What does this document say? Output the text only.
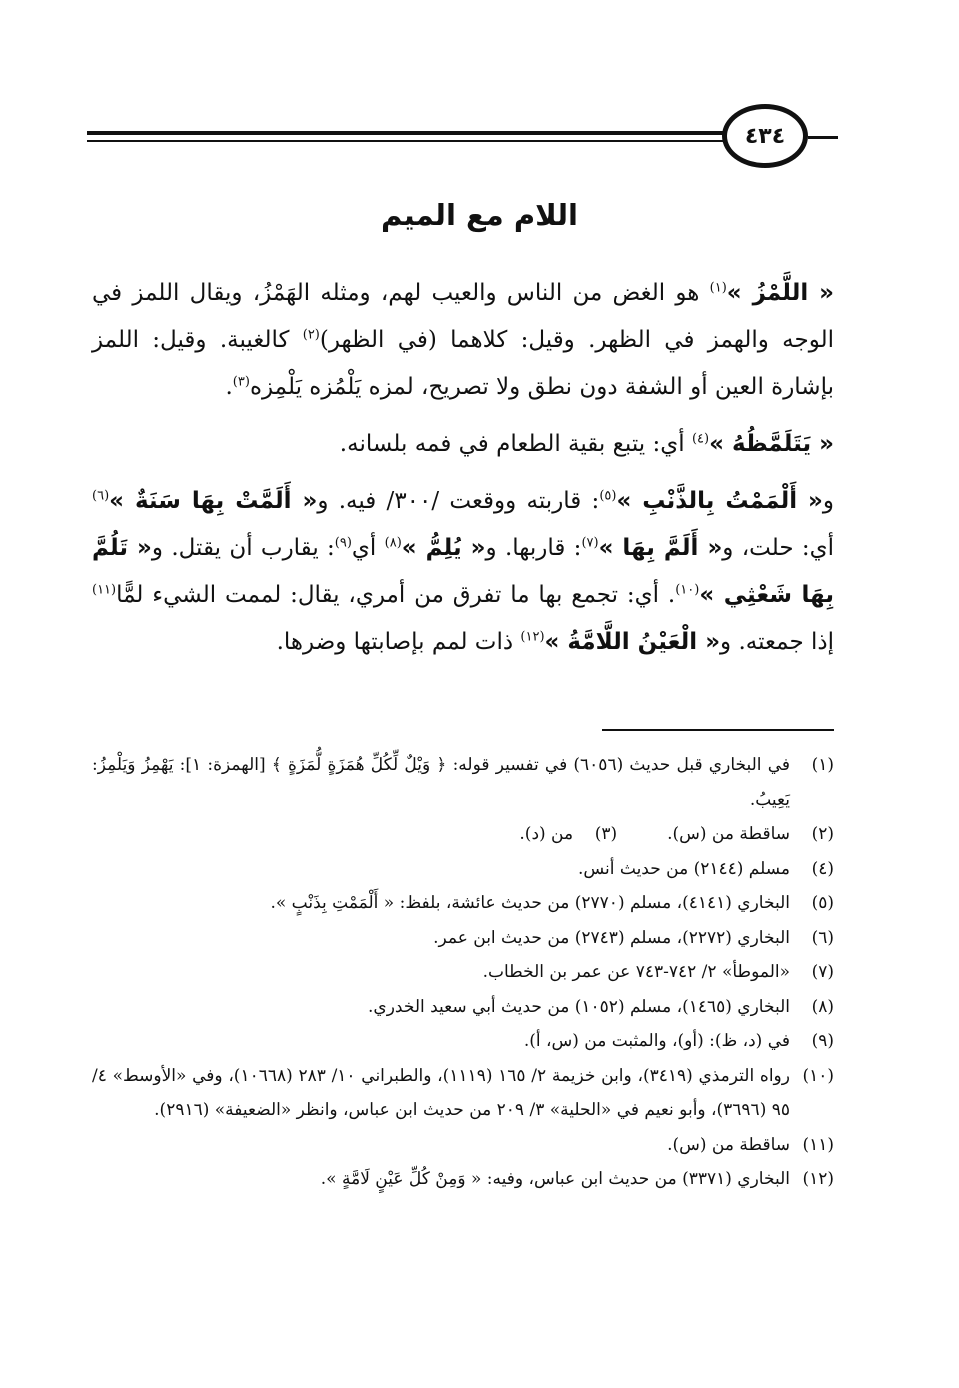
٤٣٤
اللام مع الميم

« اللَّمْزُ »$^{(١)}$ هو الغض من الناس والعيب لهم، ومثله الهَمْزُ، ويقال اللمز في الوجه والهمز في الظهر. وقيل: كلاهما (في الظهر)$^{(٢)}$ كالغيبة. وقيل: اللمز بإشارة العين أو الشفة دون نطق ولا تصريح، لمزه يَلْمُزه يَلْمِزه$^{(٣)}$.

« يَتَلَمَّظُهُ »$^{(٤)}$ أي: يتبع بقية الطعام في فمه بلسانه.

و« أَلْمَمْتُ بِالذَّنْبِ »$^{(٥)}$: قاربته ووقعت /٣٠٠/ فيه. و« أَلَمَّتْ بِهَا سَنَةٌ »$^{(٦)}$ أي: حلت، و« أَلَمَّ بِهَا »$^{(٧)}$: قاربها. و« يُلِمُّ »$^{(٨)}$ أي$^{(٩)}$: يقارب أن يقتل. و« تَلُمَّ بِهَا شَعْثِي »$^{(١٠)}$. أي: تجمع بها ما تفرق من أمري، يقال: لممت الشيء لمًّا$^{(١١)}$ إذا جمعته. و« الْعَيْنُ اللَّامَّةُ »$^{(١٢)}$ ذات لمم بإصابتها وضرها.

(١)
في البخاري قبل حديث (٦٠٥٦) في تفسير قوله: ﴿ وَيْلٌ لِّكُلِّ هُمَزَةٍ لُّمَزَةٍ ﴾ [الهمزة: ١]: يَهْمِزُ وَيَلْمِزُ: يَعِيبُ.
(٢)
ساقطة من (س).
(٣)
من (د).
(٤)
مسلم (٢١٤٤) من حديث أنس.
(٥)
البخاري (٤١٤١)، مسلم (٢٧٧٠) من حديث عائشة، بلفظ: « أَلْمَمْتِ بِذَنْبٍ ».
(٦)
البخاري (٢٢٧٢)، مسلم (٢٧٤٣) من حديث ابن عمر.
(٧)
«الموطأ» ٢/ ٧٤٢-٧٤٣ عن عمر بن الخطاب.
(٨)
البخاري (١٤٦٥)، مسلم (١٠٥٢) من حديث أبي سعيد الخدري.
(٩)
في (د، ظ): (أو)، والمثبت من (س، أ).
(١٠)
رواه الترمذي (٣٤١٩)، وابن خزيمة ٢/ ١٦٥ (١١١٩)، والطبراني ١٠/ ٢٨٣ (١٠٦٦٨)، وفي «الأوسط» ٤/ ٩٥ (٣٦٩٦)، وأبو نعيم في «الحلية» ٣/ ٢٠٩ من حديث ابن عباس، وانظر «الضعيفة» (٢٩١٦).
(١١)
ساقطة من (س).
(١٢)
البخاري (٣٣٧١) من حديث ابن عباس، وفيه: « وَمِنْ كُلِّ عَيْنٍ لَامَّةٍ ».
